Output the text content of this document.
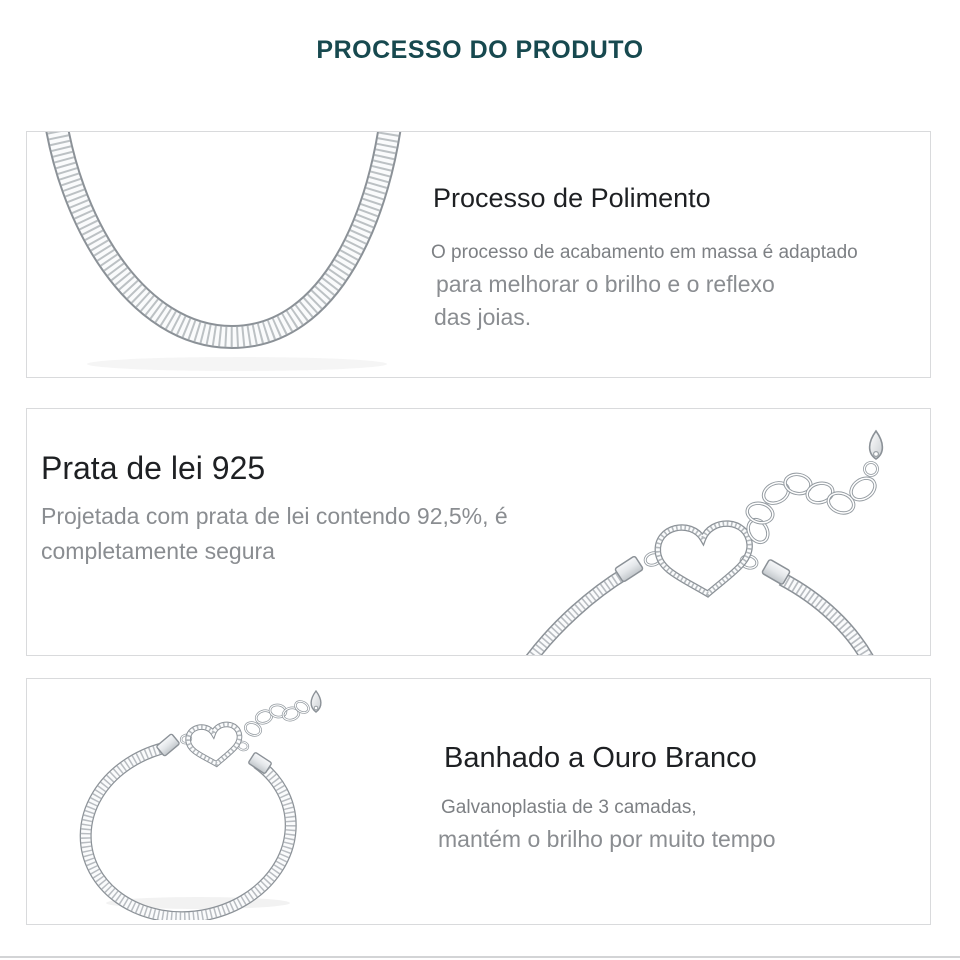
PROCESSO DO PRODUTO
Processo de Polimento

O processo de acabamento em massa é adaptado

para melhorar o brilho e o reflexo

das joias.

Prata de lei 925

Projetada com prata de lei contendo 92,5%, é

completamente segura

Banhado a Ouro Branco

Galvanoplastia de 3 camadas,

mantém o brilho por muito tempo
